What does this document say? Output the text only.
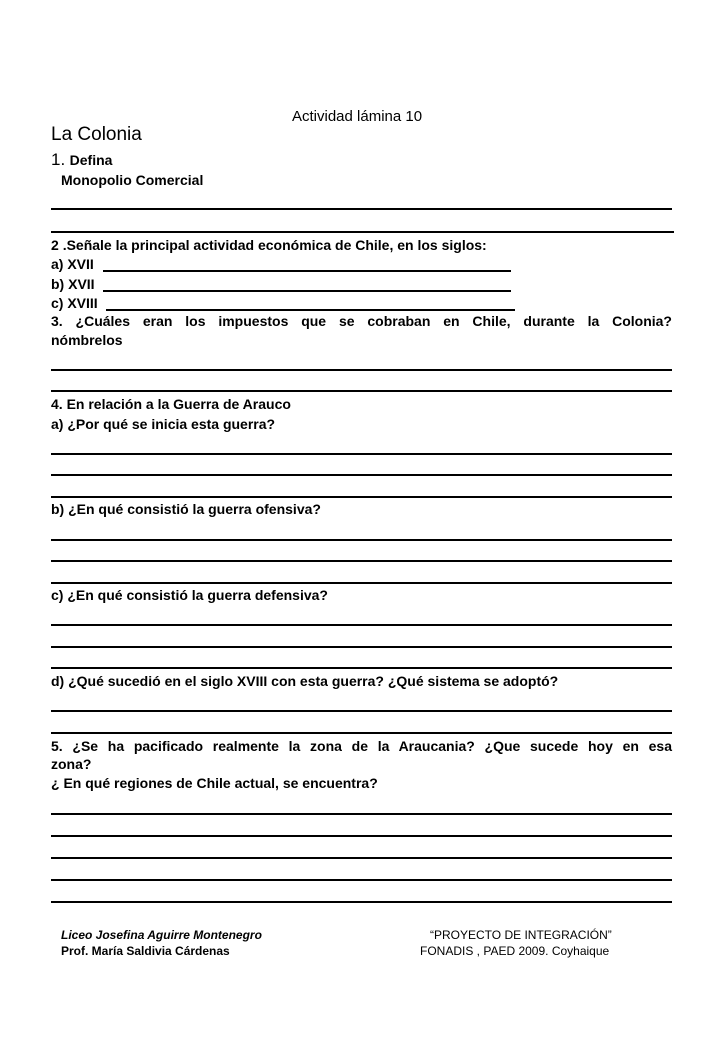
Actividad lámina 10
La Colonia
1. Defina
Monopolio Comercial
2 .Señale la principal actividad económica de Chile, en los siglos:
a) XVII
b) XVII
c) XVIII
3. ¿Cuáles eran los impuestos que se cobraban en Chile, durante la Colonia?
nómbrelos
4. En relación a la Guerra de Arauco
a) ¿Por qué se inicia esta guerra?
b) ¿En qué consistió la guerra ofensiva?
c) ¿En qué consistió la guerra defensiva?
d) ¿Qué sucedió en el siglo XVIII con esta guerra? ¿Qué sistema se adoptó?
5. ¿Se ha pacificado realmente la zona de la Araucania? ¿Que sucede hoy en esa
zona?
¿ En qué regiones de Chile actual, se encuentra?
Liceo Josefina Aguirre Montenegro
Prof. María Saldivia Cárdenas
“PROYECTO DE INTEGRACIÓN”
FONADIS , PAED 2009. Coyhaique
